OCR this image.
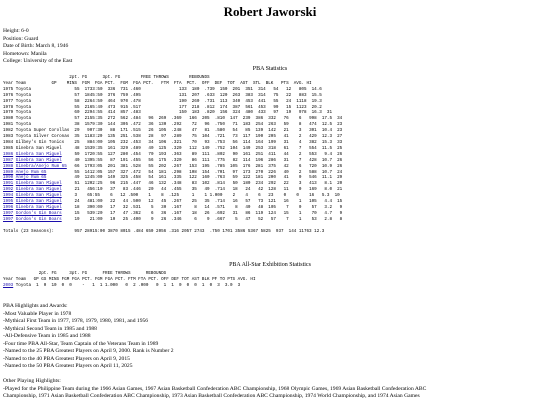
Robert Jaworski
Height: 6-0
Position: Guard
Date of Birth: March 8, 1946
Hometown: Manila
College: University of the East
PBA Statistics
2pt. FG      3pt. FG        FREE THROWS        REBOUNDS
Year Team          GP    MINS  FGM  FGA PCT.  FGM  FGA PCT.   FTM  FTA  PCT.  OFF  DEF  TOT  AST  STL  BLK   PTS  AVG. HI
1975 Toyota                 55  1733:50  336  731 .460               133  180  .739  150  201  351  314   54   12   805  14.6
1976 Toyota                 57  1845:50  376  759 .495               131  207  .633  120  263  383  314   75   22   883  15.5
1977 Toyota                 58  2264:50  464  970 .478               190  260  .731  113  340  453  441   55   24  1118  19.3
1978 Toyota                 55  2165:40  473  915 .517               177  218  .812  174  387  561  453   99   15  1123  20.2
1979 Toyota                 60  2294:55  414  857 .483               150  183  .820  156  324  480  433   97   19   978  16.3  31
1980 Toyota                 57  2155:35  272  562 .484   96  269  .369   166  205  .810  147  239  386  332   76    6   998  17.5  34
1981 Toyota                 38  1579:30  144  305 .472   36  130  .292    72   96  .750   71  183  254  263   59    8   474  12.5  23
1982 Toyota Super Corollas  29   907:30   88  171 .515   26  105  .248    47   81  .580   54   85  139  142   21    3   301  10.4  23
1983 Toyota Silver Coronas  35  1183:20  135  251 .538   28   97  .289    75  104  .721   73  117  190  205   41    2   429  12.3  27
1984 Gilbey's Gin Tonics    25   884:00  105  232 .453   34  106  .321    70   93  .753   56  114  164  199   31    4   382  15.3  33
1985 Ginebra San Miguel     48  1539:35  161  329 .489   40  125  .320   112  149  .752  104  149  253  318   61    7   554  11.5  25
1986 Ginebra San Miguel     59  1720:55  127  280 .454   70  193  .363    89  111  .802   90  161  251  411   44    2   553   9.4  26
1987 Ginebra San Miguel     40  1395:55   87  191 .455   56  175  .320    86  111  .775   82  114  196  286   31    7   428  10.7  26
1988 Ginebra/Anejo Rum 65   66  1793:05  201  381 .528   55  202  .267   153  195  .785  105  176  281  375   42    6   720  10.9  26
1989 Anejo Rum 65           55  1412:05  157  327 .472   54  181  .298   108  154  .701   97  173  270  226   40    2   588  10.7  24
1990 Anejo Rum 65           49  1245:00  149  325 .458   54  161  .335   122  160  .763   59  122  181  200   41    0   546  11.1  29
1991 Ginebra San Miguel     51  1202:25   96  215 .447   46  132  .348    83  102  .814   50  180  234  292   22    3   413   8.1  20
1992 Ginebra San Miguel     21   456:10   37   83 .446   20   44  .455    35   49  .714   18   24   42  128   11    0   169   8.0  21
1994 Ginebra San Miguel     3    65:55    6   12 .500    1    8  .125     1    1 1.000    2    4    6   23    0    0    16   5.3  10
1995 Ginebra San Miguel     24   481:00   22   44 .500   12   45  .267    25   35  .714   16   57   73  121   16    1   105   4.4  15
1996 Ginebra San Miguel     18   390:00   17   32 .531    5   30  .167     8   14  .571    8   40   48  105    7    0    57   3.2   9
1997 Gordon's Gin Boars     15   539:20   17   47 .362    6   36  .167    18   26  .692   31   86  119  124   15    1    70   4.7   9
1997 Gordon's Gin Boars     19    21:00   10   25 .400    9   26  .346     6    9  .667    5   47   52   57    7    1    53   2.8   8

Totals (23 Seasons):        957 28915:00 3870 8015 .484 650 2056 .316 2057 2743  .750 1701 3586 5367 5825  937  144 11763 12.3

PBA All-Star Exhibition Statistics
2pt. FG     3pt. FG      FREE THROWS      REBOUNDS
Year Team   GP GS MINS FGM FGA PCT. FGM FGA PCT. FTM FTA PCT. OFF DEF TOT AST BLK PF TO PTS AVG. HI
2003 Toyota  1  0  10  0  0    -   1  1 1.000   0  2 .000   0  1  1  0  0  0  1  0  3  3.0  3
PBA Highlights and Awards:
-Most Valuable Player in 1978
-Mythical First Team in 1977, 1978, 1979, 1980, 1981, and 1956
-Mythical Second Team in 1985 and 1988
-All-Defensive Team in 1985 and 1988
-Four time PBA All-Star, Team Captain of the Veterans Team in 1989
-Named to the 25 PBA Greatest Players on April 9, 2000. Rank is Number 2
-Named to the 40 PBA Greatest Players on April 9, 2015
-Named to the 50 PBA Greatest Players on April 11, 2025
Other Playing Highlights:
-Played for the Philippine Team during the 1966 Asian Games, 1967 Asian Basketball Confederation ABC Championship, 1968 Olympic Games, 1969 Asian Basketball Confederation ABC
Championship, 1971 Asian Basketball Confederation ABC Championship, 1973 Asian Basketball Confederation ABC Championship, 1974 World Championship, and 1974 Asian Games
